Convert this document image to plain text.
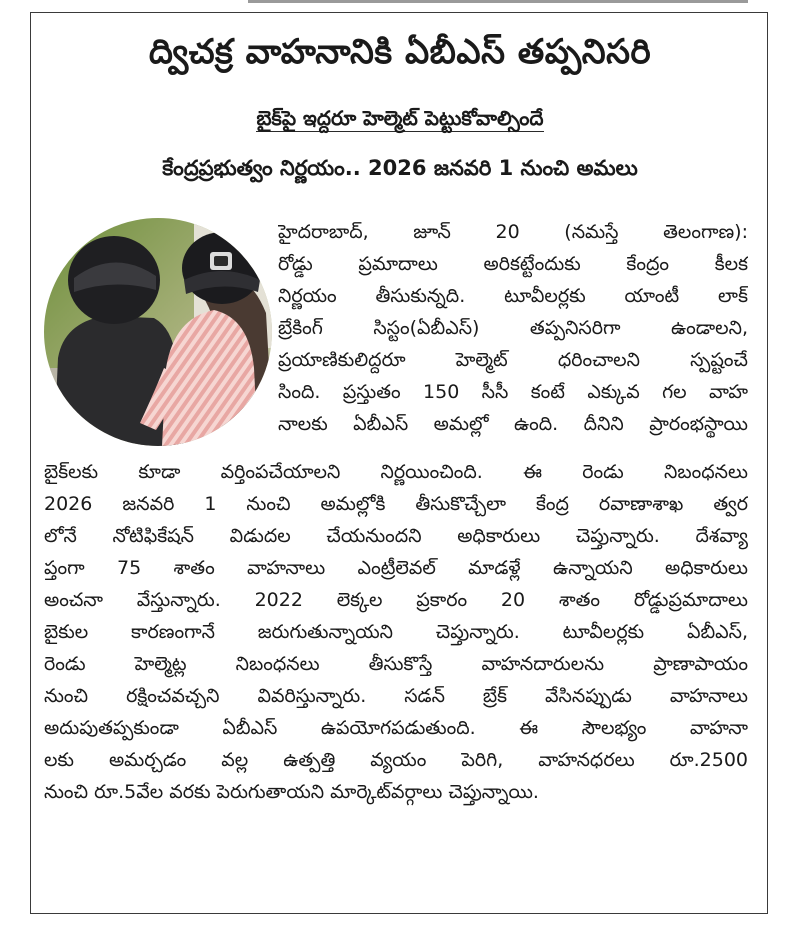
ద్విచక్ర వాహనానికి ఏబీఎస్‌ తప్పనిసరి
బైక్‌పై ఇద్దరూ హెల్మెట్‌ పెట్టుకోవాల్సిందే
కేంద్రప్రభుత్వం నిర్ణయం.. 2026 జనవరి 1 నుంచి అమలు
హైదరాబాద్‌, జూన్‌ 20 (నమస్తే తెలంగాణ):
రోడ్డు ప్రమాదాలు అరికట్టేందుకు కేంద్రం కీలక
నిర్ణయం తీసుకున్నది. టూవీలర్లకు యాంటీ లాక్‌
బ్రేకింగ్‌ సిస్టం(ఏబీఎస్‌) తప్పనిసరిగా ఉండాలని,
ప్రయాణికులిద్దరూ హెల్మెట్‌ ధరించాలని స్పష్టంచే
సింది. ప్రస్తుతం 150 సీసీ కంటే ఎక్కువ గల వాహ
నాలకు ఏబీఎస్‌ అమల్లో ఉంది. దీనిని ప్రారంభస్థాయి
బైక్‌లకు కూడా వర్తింపచేయాలని నిర్ణయించింది. ఈ రెండు నిబంధనలు
2026 జనవరి 1 నుంచి అమల్లోకి తీసుకొచ్చేలా కేంద్ర రవాణాశాఖ త్వర
లోనే నోటిఫికేషన్‌ విడుదల చేయనుందని అధికారులు చెప్తున్నారు. దేశవ్యా
ప్తంగా 75 శాతం వాహనాలు ఎంట్రీలెవల్‌ మాడళ్లే ఉన్నాయని అధికారులు
అంచనా వేస్తున్నారు. 2022 లెక్కల ప్రకారం 20 శాతం రోడ్డుప్రమాదాలు
బైకుల కారణంగానే జరుగుతున్నాయని చెప్తున్నారు. టూవీలర్లకు ఏబీఎస్‌,
రెండు హెల్మెట్ల నిబంధనలు తీసుకొస్తే వాహనదారులను ప్రాణాపాయం
నుంచి రక్షించవచ్చని వివరిస్తున్నారు. సడన్‌ బ్రేక్‌ వేసినప్పుడు వాహనాలు
అదుపుతప్పకుండా ఏబీఎస్‌ ఉపయోగపడుతుంది. ఈ సౌలభ్యం వాహనా
లకు అమర్చడం వల్ల ఉత్పత్తి వ్యయం పెరిగి, వాహనధరలు రూ.2500
నుంచి రూ.5వేల వరకు పెరుగుతాయని మార్కెట్‌వర్గాలు చెప్తున్నాయి.
